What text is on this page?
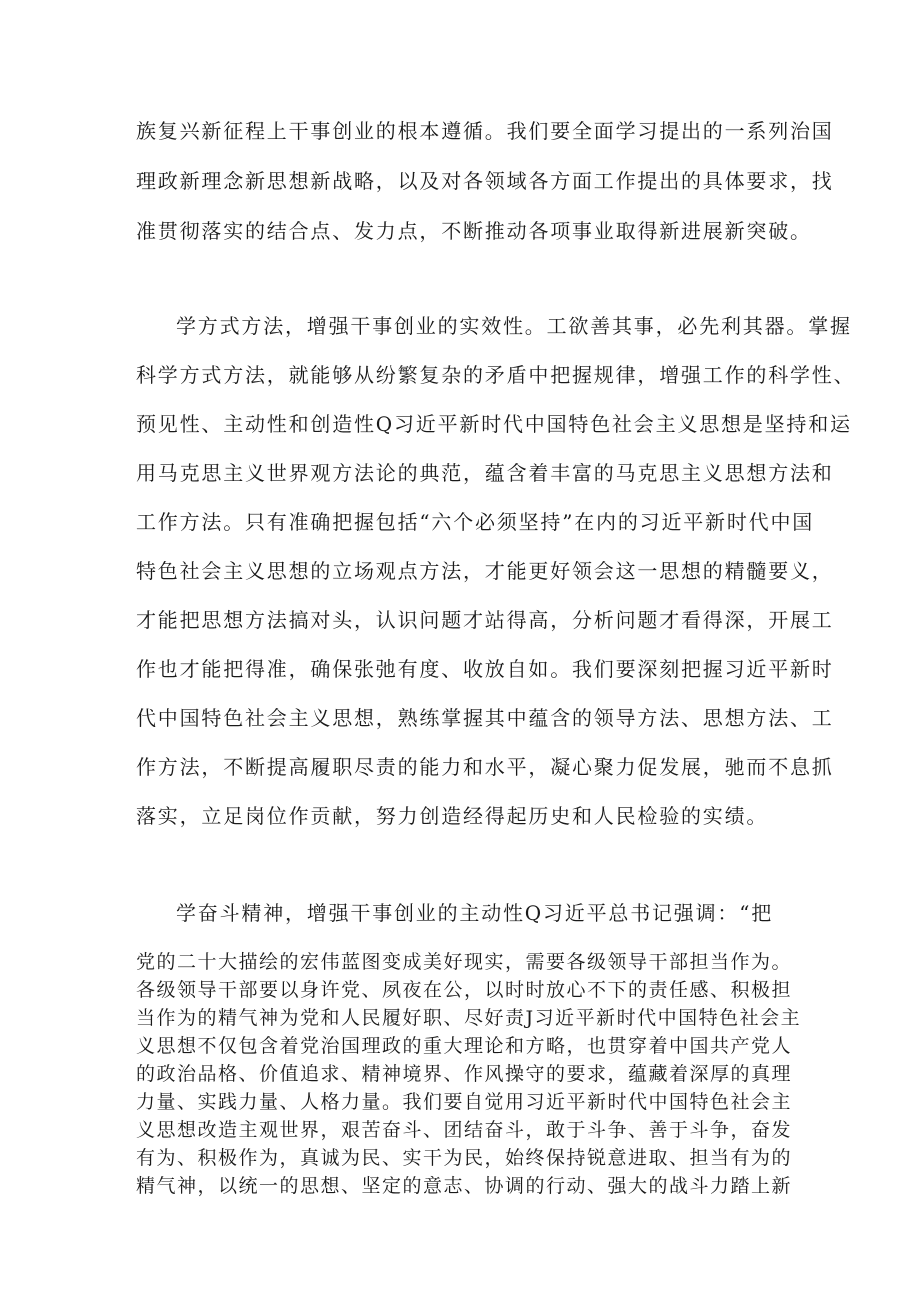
族复兴新征程上干事创业的根本遵循。我们要全面学习提出的一系列治国
理政新理念新思想新战略，以及对各领域各方面工作提出的具体要求，找
准贯彻落实的结合点、发力点，不断推动各项事业取得新进展新突破。
学方式方法，增强干事创业的实效性。工欲善其事，必先利其器。掌握
科学方式方法，就能够从纷繁复杂的矛盾中把握规律，增强工作的科学性、
预见性、主动性和创造性Q习近平新时代中国特色社会主义思想是坚持和运
用马克思主义世界观方法论的典范，蕴含着丰富的马克思主义思想方法和
工作方法。只有准确把握包括“六个必须坚持”在内的习近平新时代中国
特色社会主义思想的立场观点方法，才能更好领会这一思想的精髓要义，
才能把思想方法搞对头，认识问题才站得高，分析问题才看得深，开展工
作也才能把得准，确保张弛有度、收放自如。我们要深刻把握习近平新时
代中国特色社会主义思想，熟练掌握其中蕴含的领导方法、思想方法、工
作方法，不断提高履职尽责的能力和水平，凝心聚力促发展，驰而不息抓
落实，立足岗位作贡献，努力创造经得起历史和人民检验的实绩。
学奋斗精神，增强干事创业的主动性Q习近平总书记强调：“把
党的二十大描绘的宏伟蓝图变成美好现实，需要各级领导干部担当作为。
各级领导干部要以身许党、夙夜在公，以时时放心不下的责任感、积极担
当作为的精气神为党和人民履好职、尽好责J习近平新时代中国特色社会主
义思想不仅包含着党治国理政的重大理论和方略，也贯穿着中国共产党人
的政治品格、价值追求、精神境界、作风操守的要求，蕴藏着深厚的真理
力量、实践力量、人格力量。我们要自觉用习近平新时代中国特色社会主
义思想改造主观世界，艰苦奋斗、团结奋斗，敢于斗争、善于斗争，奋发
有为、积极作为，真诚为民、实干为民，始终保持锐意进取、担当有为的
精气神，以统一的思想、坚定的意志、协调的行动、强大的战斗力踏上新
